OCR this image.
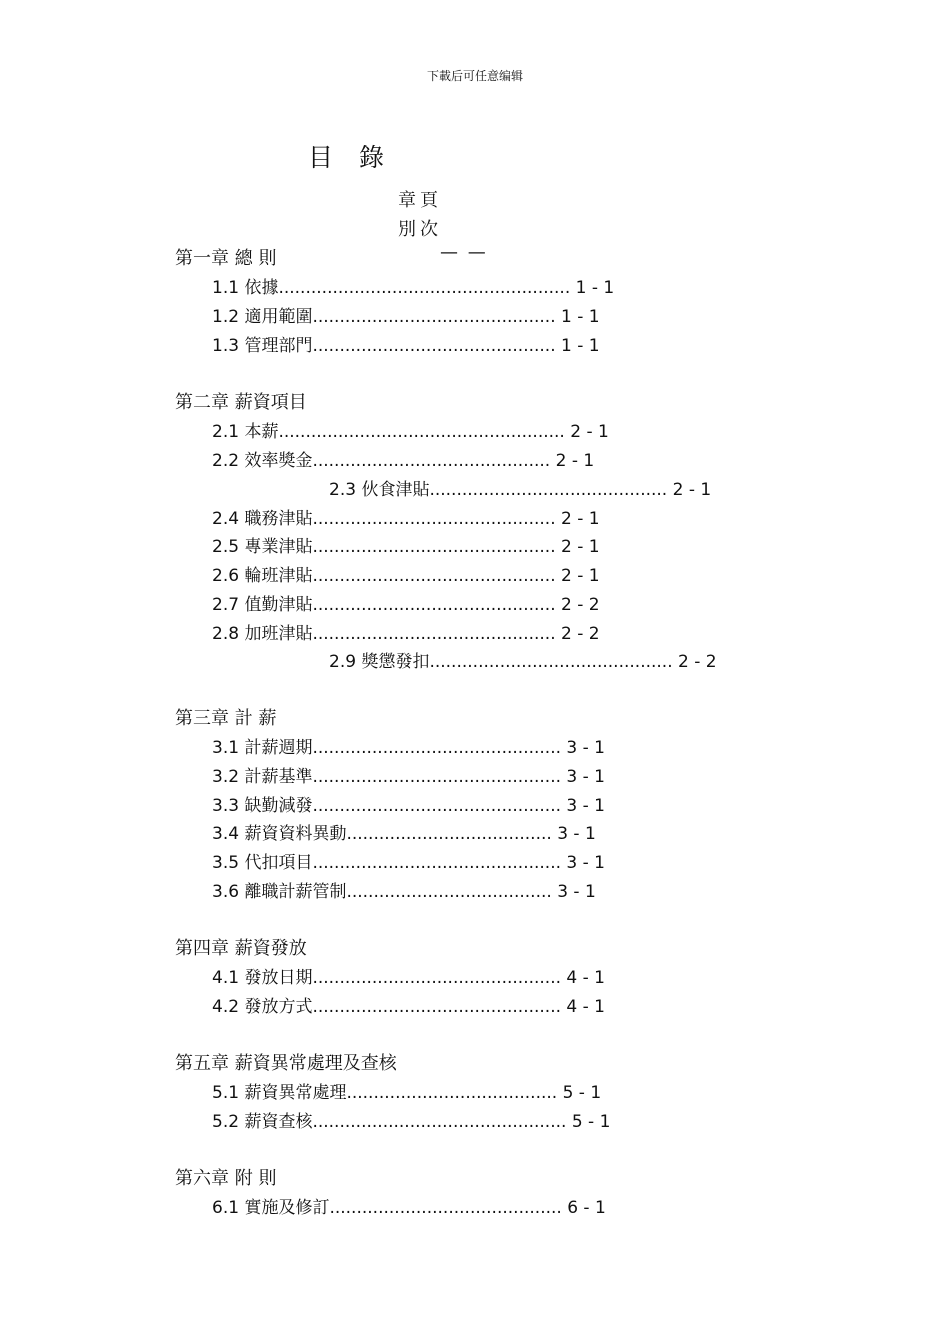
下載后可任意编辑
目錄
章頁
別次
第一章 總 則	— —
1.1 依據...................................................... 1 - 1
1.2 適用範圍............................................. 1 - 1
1.3 管理部門............................................. 1 - 1
第二章 薪資項目
2.1 本薪..................................................... 2 - 1
2.2 效率獎金............................................ 2 - 1
2.3 伙食津貼............................................ 2 - 1
2.4 職務津貼............................................. 2 - 1
2.5 專業津貼............................................. 2 - 1
2.6 輪班津貼............................................. 2 - 1
2.7 值勤津貼............................................. 2 - 2
2.8 加班津貼............................................. 2 - 2
2.9 獎懲發扣............................................. 2 - 2
第三章 計 薪
3.1 計薪週期.............................................. 3 - 1
3.2 計薪基準.............................................. 3 - 1
3.3 缺勤減發.............................................. 3 - 1
3.4 薪資資料異動...................................... 3 - 1
3.5 代扣項目.............................................. 3 - 1
3.6 離職計薪管制...................................... 3 - 1
第四章 薪資發放
4.1 發放日期.............................................. 4 - 1
4.2 發放方式.............................................. 4 - 1
第五章 薪資異常處理及查核
5.1 薪資異常處理....................................... 5 - 1
5.2 薪資查核............................................... 5 - 1
第六章 附 則
6.1 實施及修訂........................................... 6 - 1
